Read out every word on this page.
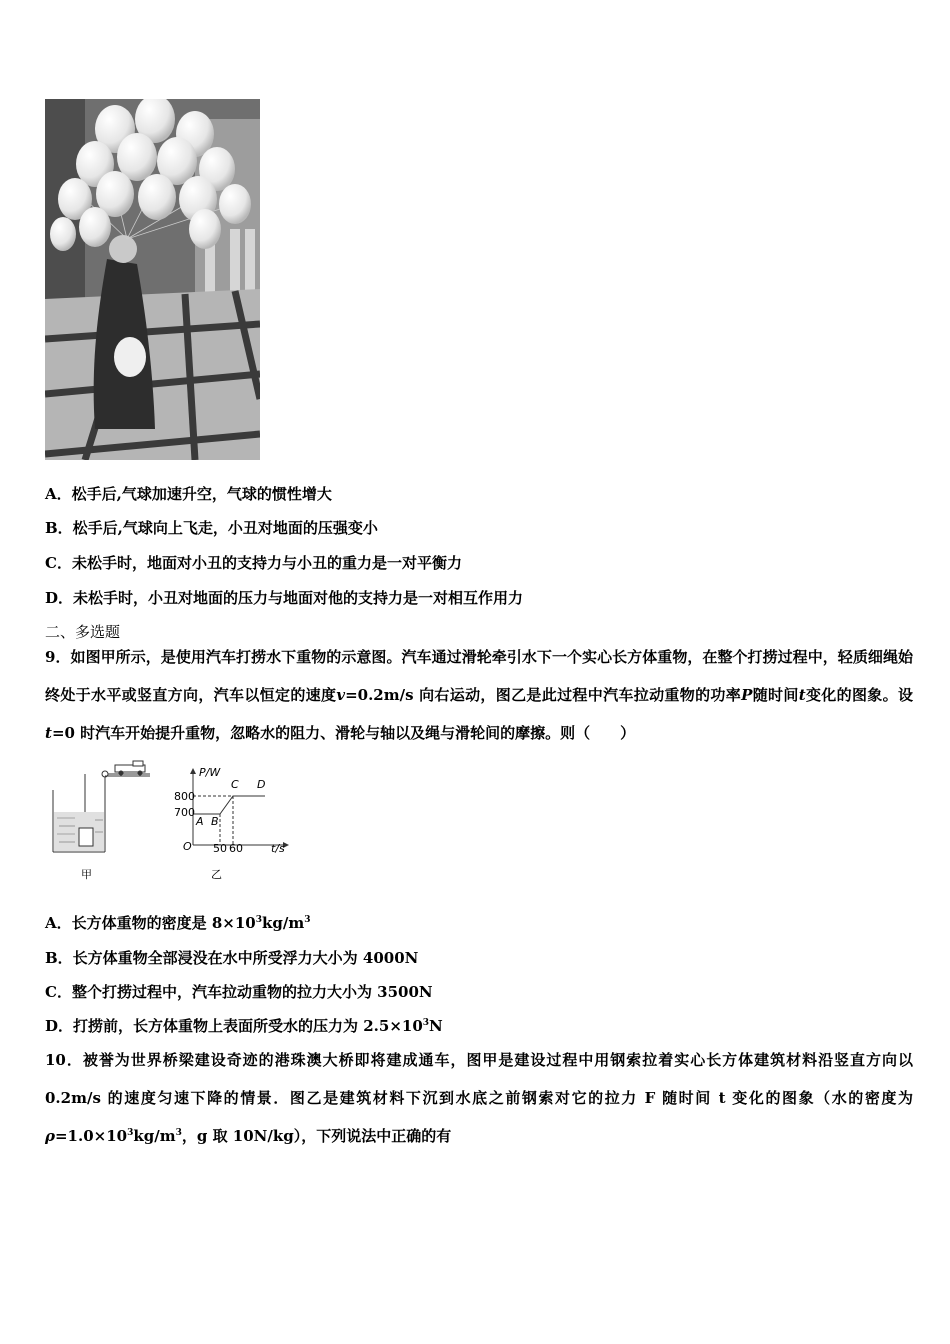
A．松手后,气球加速升空，气球的惯性增大
B．松手后,气球向上飞走，小丑对地面的压强变小
C．未松手时，地面对小丑的支持力与小丑的重力是一对平衡力
D．未松手时，小丑对地面的压力与地面对他的支持力是一对相互作用力
二、多选题
9．如图甲所示，是使用汽车打捞水下重物的示意图。汽车通过滑轮牵引水下一个实心长方体重物，在整个打捞过程中，轻质细绳始终处于水平或竖直方向，汽车以恒定的速度v=0.2m/s 向右运动，图乙是此过程中汽车拉动重物的功率P随时间t变化的图象。设t=0 时汽车开始提升重物，忽略水的阻力、滑轮与轴以及绳与滑轮间的摩擦。则（　　）
P/W
800
700
A B
C D
O 50 60	t/s
甲	乙
A．长方体重物的密度是 $8\times 10^3kg/m^3$
B．长方体重物全部浸没在水中所受浮力大小为 4000N
C．整个打捞过程中，汽车拉动重物的拉力大小为 3500N
D．打捞前，长方体重物上表面所受水的压力为 $2.5\times 10^3N$
10．被誉为世界桥梁建设奇迹的港珠澳大桥即将建成通车，图甲是建设过程中用钢索拉着实心长方体建筑材料沿竖直方向以 0.2m/s 的速度匀速下降的情景．图乙是建筑材料下沉到水底之前钢索对它的拉力 F 随时间 t 变化的图象（水的密度为$\rho=1.0\times 10^3kg/m^3$，g 取 10N/kg），下列说法中正确的有
